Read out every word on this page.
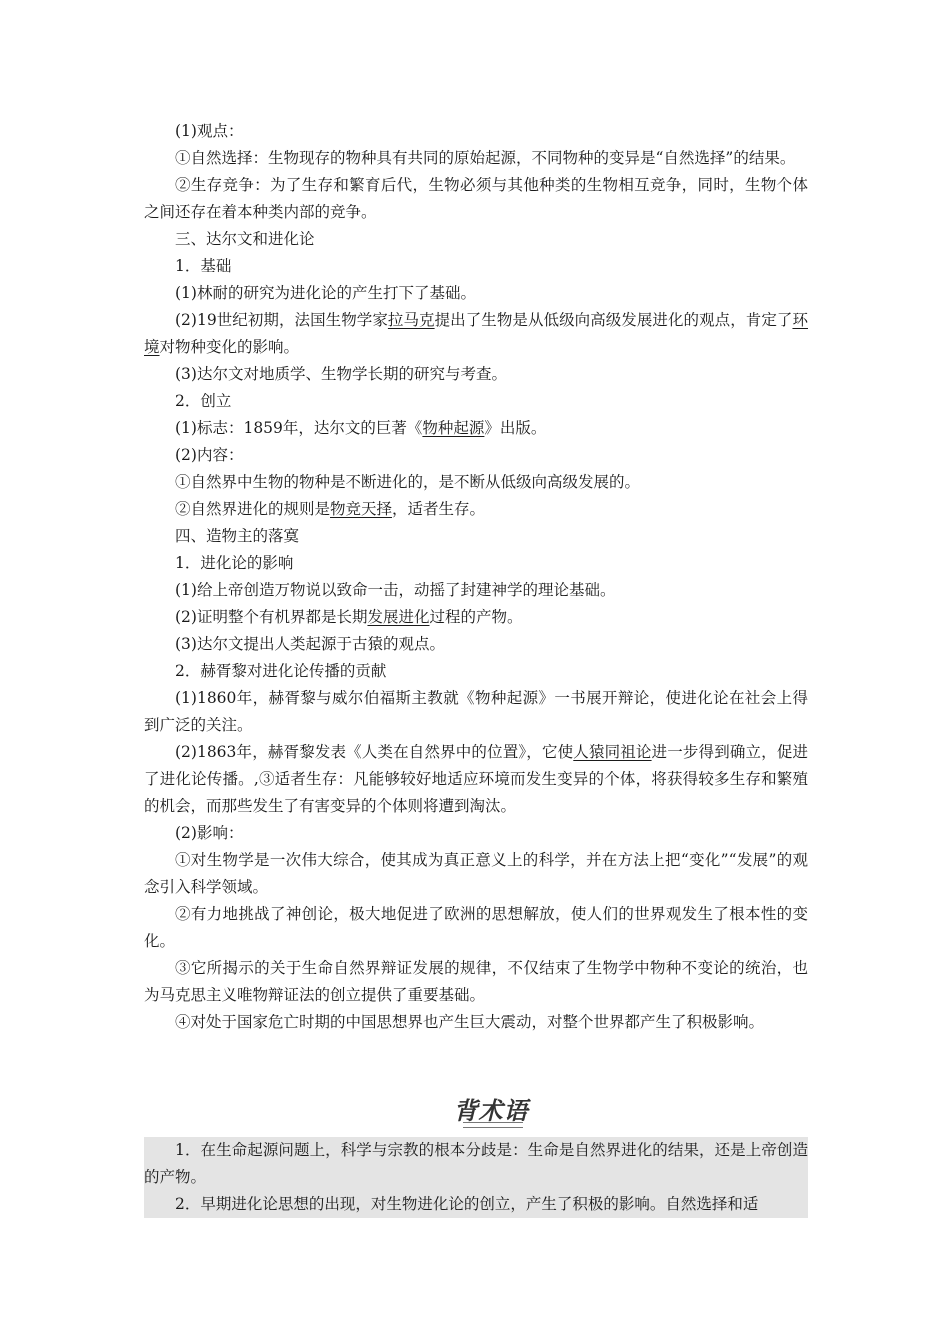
(1)观点：

①自然选择：生物现存的物种具有共同的原始起源，不同物种的变异是“自然选择”的结果。

②生存竞争：为了生存和繁育后代，生物必须与其他种类的生物相互竞争，同时，生物个体之间还存在着本种类内部的竞争。

三、达尔文和进化论

1．基础

(1)林耐的研究为进化论的产生打下了基础。

(2)19世纪初期，法国生物学家拉马克提出了生物是从低级向高级发展进化的观点，肯定了环境对物种变化的影响。

(3)达尔文对地质学、生物学长期的研究与考查。

2．创立

(1)标志：1859年，达尔文的巨著《物种起源》出版。

(2)内容：

①自然界中生物的物种是不断进化的，是不断从低级向高级发展的。

②自然界进化的规则是物竞天择，适者生存。

四、造物主的落寞

1．进化论的影响

(1)给上帝创造万物说以致命一击，动摇了封建神学的理论基础。

(2)证明整个有机界都是长期发展进化过程的产物。

(3)达尔文提出人类起源于古猿的观点。

2．赫胥黎对进化论传播的贡献

(1)1860年，赫胥黎与威尔伯福斯主教就《物种起源》一书展开辩论，使进化论在社会上得到广泛的关注。

(2)1863年，赫胥黎发表《人类在自然界中的位置》，它使人猿同祖论进一步得到确立，促进了进化论传播。,③适者生存：凡能够较好地适应环境而发生变异的个体，将获得较多生存和繁殖的机会，而那些发生了有害变异的个体则将遭到淘汰。

(2)影响：

①对生物学是一次伟大综合，使其成为真正意义上的科学，并在方法上把“变化”“发展”的观念引入科学领域。

②有力地挑战了神创论，极大地促进了欧洲的思想解放，使人们的世界观发生了根本性的变化。

③它所揭示的关于生命自然界辩证发展的规律，不仅结束了生物学中物种不变论的统治，也为马克思主义唯物辩证法的创立提供了重要基础。

④对处于国家危亡时期的中国思想界也产生巨大震动，对整个世界都产生了积极影响。

背术语

1．在生命起源问题上，科学与宗教的根本分歧是：生命是自然界进化的结果，还是上帝创造的产物。

2．早期进化论思想的出现，对生物进化论的创立，产生了积极的影响。自然选择和适
